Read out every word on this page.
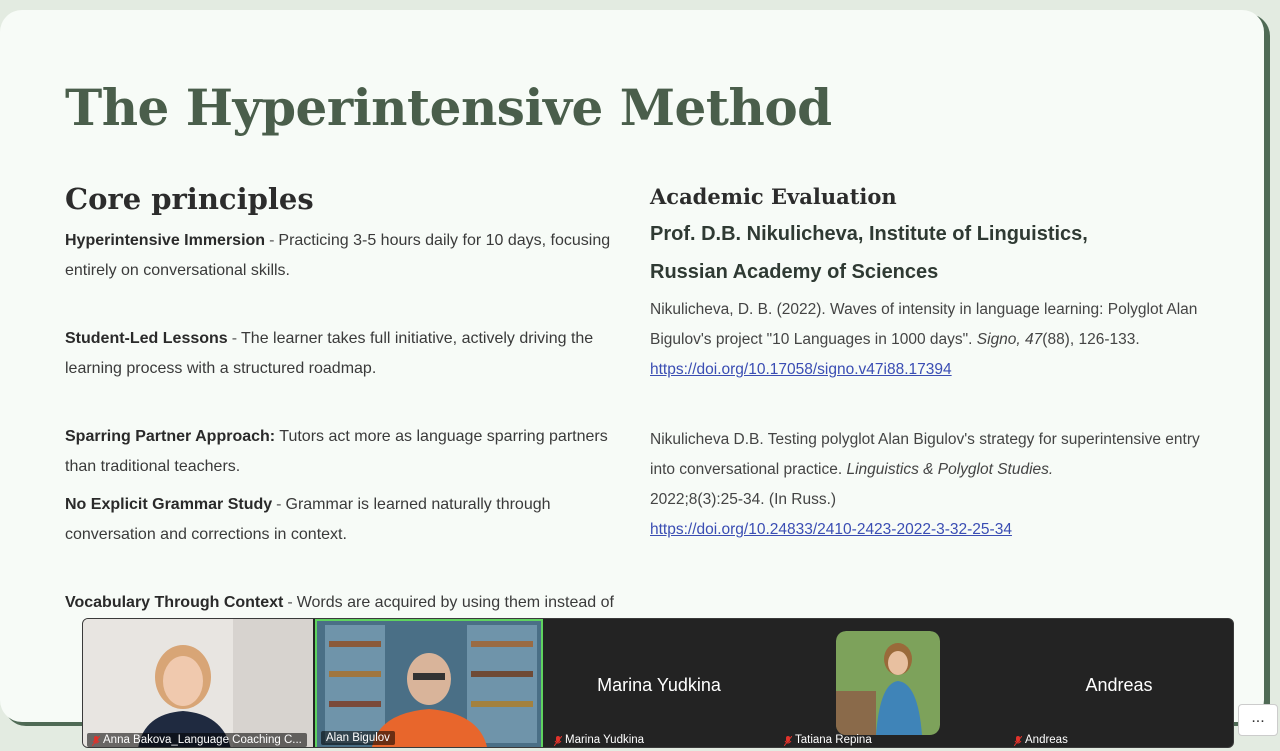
The Hyperintensive Method
Core principles

Hyperintensive Immersion - Practicing 3-5 hours daily for 10 days, focusing entirely on conversational skills.

Student-Led Lessons - The learner takes full initiative, actively driving the learning process with a structured roadmap.

Sparring Partner Approach: Tutors act more as language sparring partners than traditional teachers.

No Explicit Grammar Study - Grammar is learned naturally through conversation and corrections in context.

Vocabulary Through Context - Words are acquired by using them instead of

Academic Evaluation
Prof. D.B. Nikulicheva, Institute of Linguistics,
Russian Academy of Sciences

Nikulicheva, D. B. (2022). Waves of intensity in language learning: Polyglot Alan Bigulov's project "10 Languages in 1000 days". Signo, 47(88), 126-133.
https://doi.org/10.17058/signo.v47i88.17394

Nikulicheva D.B. Testing polyglot Alan Bigulov's strategy for superintensive entry into conversational practice. Linguistics & Polyglot Studies.
2022;8(3):25-34. (In Russ.)
https://doi.org/10.24833/2410-2423-2022-3-32-25-34

Anna Bakova_Language Coaching C...	Alan Bigulov
Marina Yudkina
Marina Yudkina	Tatiana Repina
Andreas
Andreas
...
